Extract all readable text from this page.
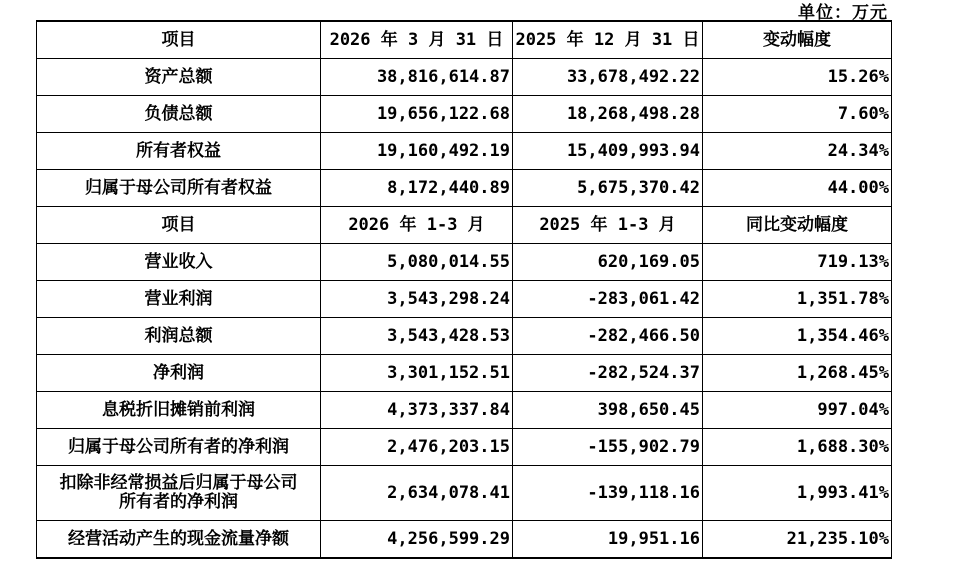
单位：万元
项目	2026 年 3 月 31 日	2025 年 12 月 31 日	变动幅度
资产总额	38,816,614.87	33,678,492.22	15.26%
负债总额	19,656,122.68	18,268,498.28	7.60%
所有者权益	19,160,492.19	15,409,993.94	24.34%
归属于母公司所有者权益	8,172,440.89	5,675,370.42	44.00%
项目	2026 年 1-3 月	2025 年 1-3 月	同比变动幅度
营业收入	5,080,014.55	620,169.05	719.13%
营业利润	3,543,298.24	-283,061.42	1,351.78%
利润总额	3,543,428.53	-282,466.50	1,354.46%
净利润	3,301,152.51	-282,524.37	1,268.45%
息税折旧摊销前利润	4,373,337.84	398,650.45	997.04%
归属于母公司所有者的净利润	2,476,203.15	-155,902.79	1,688.30%
扣除非经常损益后归属于母公司
所有者的净利润	2,634,078.41	-139,118.16	1,993.41%
经营活动产生的现金流量净额	4,256,599.29	19,951.16	21,235.10%
